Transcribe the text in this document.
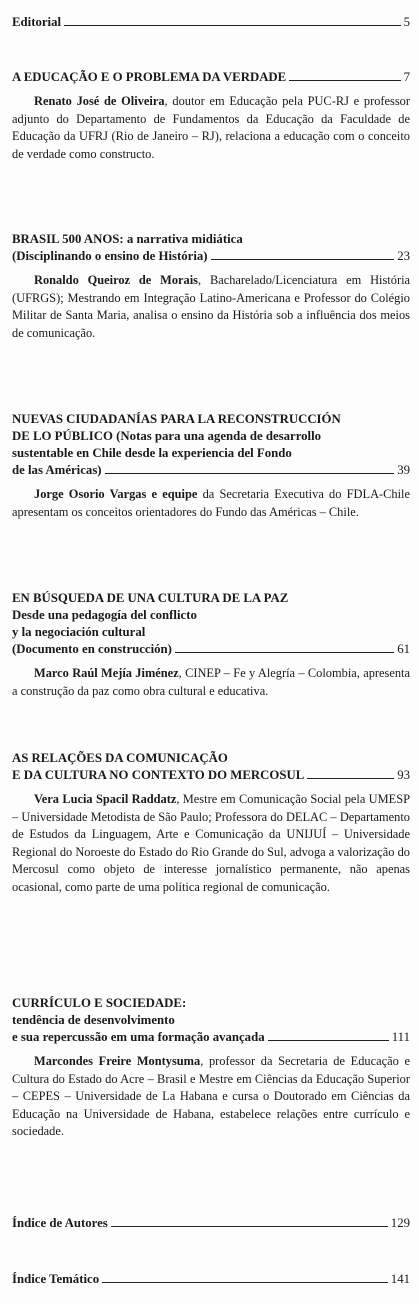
Editorial	5
A EDUCAÇÃO E O PROBLEMA DA VERDADE	7
Renato José de Oliveira, doutor em Educação pela PUC-RJ e professor adjunto do Departamento de Fundamentos da Educação da Faculdade de Educação da UFRJ (Rio de Janeiro – RJ), relaciona a educação com o conceito de verdade como constructo.
BRASIL 500 ANOS: a narrativa midiática
(Disciplinando o ensino de História)	23
Ronaldo Queiroz de Morais, Bacharelado/Licenciatura em História (UFRGS); Mestrando em Integração Latino-Americana e Professor do Colégio Militar de Santa Maria, analisa o ensino da História sob a influência dos meios de comunicação.
NUEVAS CIUDADANÍAS PARA LA RECONSTRUCCIÓN
DE LO PÚBLICO (Notas para una agenda de desarrollo
sustentable en Chile desde la experiencia del Fondo
de las Américas)	39
Jorge Osorio Vargas e equipe da Secretaria Executiva do FDLA-Chile apresentam os conceitos orientadores do Fundo das Américas – Chile.
EN BÚSQUEDA DE UNA CULTURA DE LA PAZ
Desde una pedagogía del conflicto
y la negociación cultural
(Documento en construcción)	61
Marco Raúl Mejía Jiménez, CINEP – Fe y Alegría – Colombia, apresenta a construção da paz como obra cultural e educativa.
AS RELAÇÕES DA COMUNICAÇÃO
E DA CULTURA NO CONTEXTO DO MERCOSUL	93
Vera Lucia Spacil Raddatz, Mestre em Comunicação Social pela UMESP – Universidade Metodista de São Paulo; Professora do DELAC – Departamento de Estudos da Linguagem, Arte e Comunicação da UNIJUÍ – Universidade Regional do Noroeste do Estado do Rio Grande do Sul, advoga a valorização do Mercosul como objeto de interesse jornalístico permanente, não apenas ocasional, como parte de uma política regional de comunicação.
CURRÍCULO E SOCIEDADE:
tendência de desenvolvimento
e sua repercussão em uma formação avançada	111
Marcondes Freire Montysuma, professor da Secretaria de Educação e Cultura do Estado do Acre – Brasil e Mestre em Ciências da Educação Superior – CEPES – Universidade de La Habana e cursa o Doutorado em Ciências da Educação na Universidade de Habana, estabelece relações entre currículo e sociedade.
Índice de Autores	129
Índice Temático	141
